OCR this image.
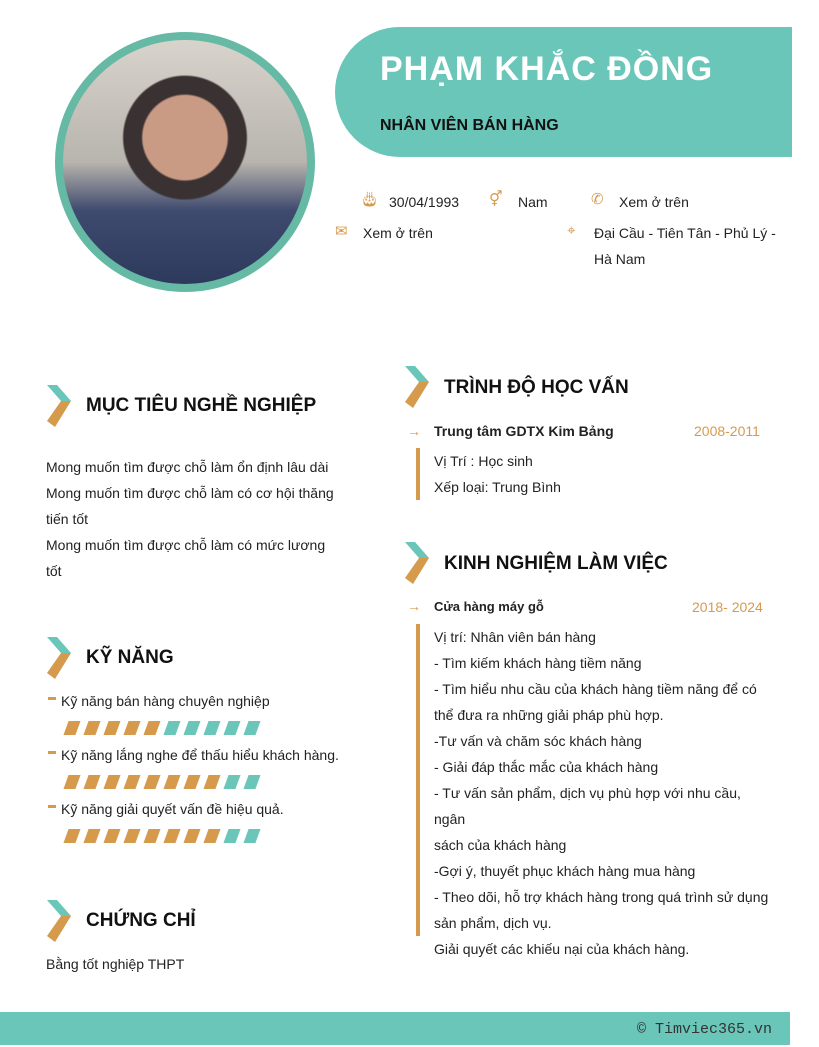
PHẠM KHẮC ĐỒNG
NHÂN VIÊN BÁN HÀNG
🎂︎ 30/04/1993 ⚥ Nam	✆ Xem ở trên
✉ Xem ở trên	⌖ Đại Cầu - Tiên Tân - Phủ Lý -
Hà Nam
MỤC TIÊU NGHỀ NGHIỆP
Mong muốn tìm được chỗ làm ổn định lâu dài
Mong muốn tìm được chỗ làm có cơ hội thăng
tiến tốt
Mong muốn tìm được chỗ làm có mức lương
tốt
KỸ NĂNG
Kỹ năng bán hàng chuyên nghiệp
Kỹ năng lắng nghe để thấu hiểu khách hàng.
Kỹ năng giải quyết vấn đề hiệu quả.
CHỨNG CHỈ
Bằng tốt nghiệp THPT
TRÌNH ĐỘ HỌC VẤN
→ Trung tâm GDTX Kim Bảng	2008-2011
Vị Trí : Học sinh
Xếp loại: Trung Bình
KINH NGHIỆM LÀM VIỆC
→ Cửa hàng máy gỗ	2018- 2024
Vị trí: Nhân viên bán hàng
- Tìm kiếm khách hàng tiềm năng
- Tìm hiểu nhu cầu của khách hàng tiềm năng để có
thể đưa ra những giải pháp phù hợp.
-Tư vấn và chăm sóc khách hàng
- Giải đáp thắc mắc của khách hàng
- Tư vấn sản phẩm, dịch vụ phù hợp với nhu cầu, ngân
sách của khách hàng
-Gợi ý, thuyết phục khách hàng mua hàng
- Theo dõi, hỗ trợ khách hàng trong quá trình sử dụng
sản phẩm, dịch vụ.
Giải quyết các khiếu nại của khách hàng.
© Timviec365.vn
